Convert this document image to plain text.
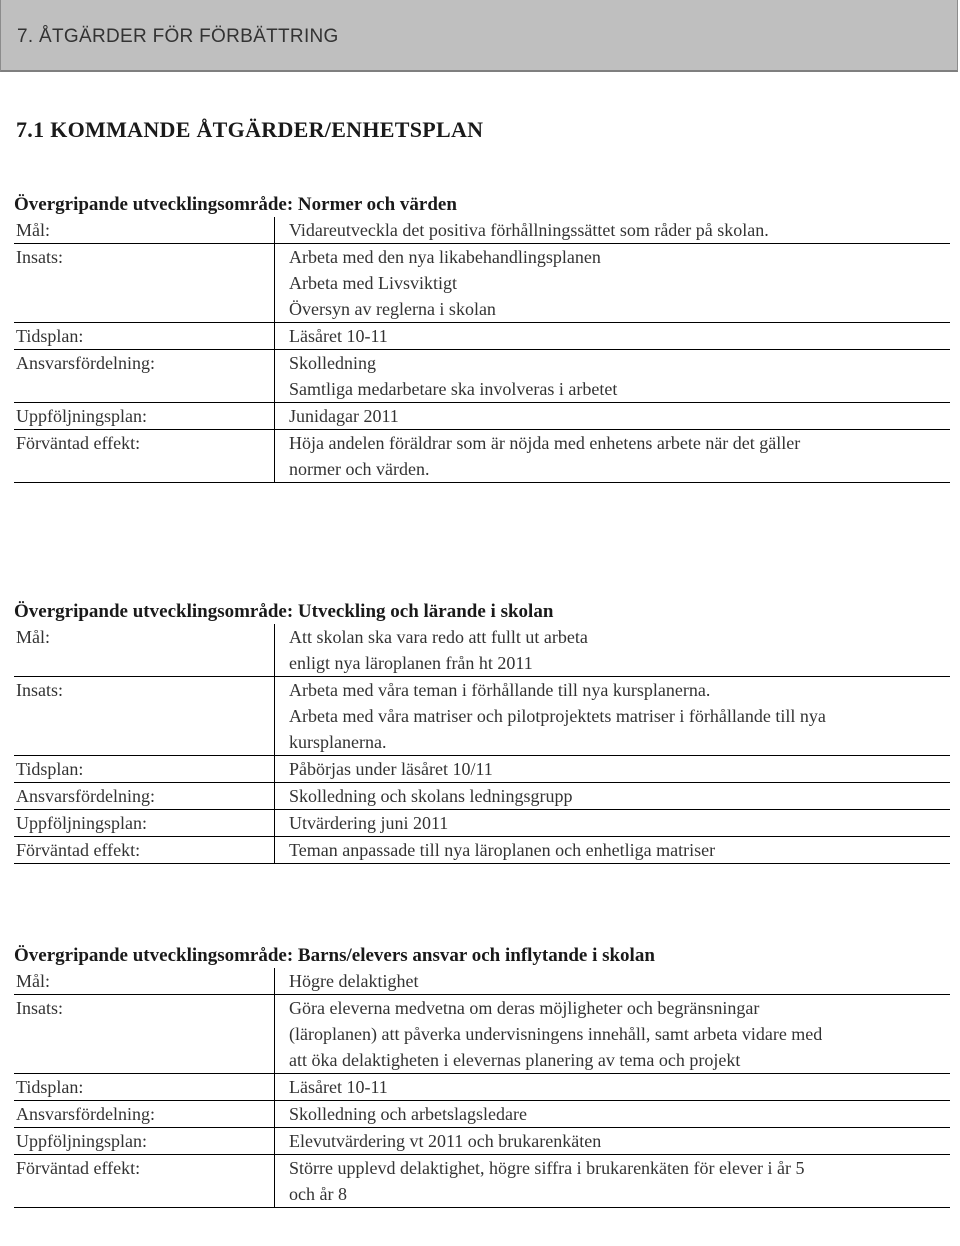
7. ÅTGÄRDER FÖR FÖRBÄTTRING
7.1 KOMMANDE ÅTGÄRDER/ENHETSPLAN
Övergripande utvecklingsområde: Normer och värden
Mål:	Vidareutveckla det positiva förhållningssättet som råder på skolan.

Insats:	Arbeta med den nya likabehandlingsplanen
Arbeta med Livsviktigt
Översyn av reglerna i skolan

Tidsplan:	Läsåret 10-11

Ansvarsfördelning:	Skolledning
Samtliga medarbetare ska involveras i arbetet

Uppföljningsplan:	Junidagar 2011

Förväntad effekt:	Höja andelen föräldrar som är nöjda med enhetens arbete när det gäller
normer och värden.
Övergripande utvecklingsområde: Utveckling och lärande i skolan
Mål:	Att skolan ska vara redo att fullt ut arbeta
enligt nya läroplanen från ht 2011

Insats:	Arbeta med våra teman i förhållande till nya kursplanerna.
Arbeta med våra matriser och pilotprojektets matriser i förhållande till nya
kursplanerna.

Tidsplan:	Påbörjas under läsåret 10/11

Ansvarsfördelning:	Skolledning och skolans ledningsgrupp

Uppföljningsplan:	Utvärdering juni 2011

Förväntad effekt:	Teman anpassade till nya läroplanen och enhetliga matriser
Övergripande utvecklingsområde: Barns/elevers ansvar och inflytande i skolan
Mål:	Högre delaktighet

Insats:	Göra eleverna medvetna om deras möjligheter och begränsningar
(läroplanen) att påverka undervisningens innehåll, samt arbeta vidare med
att öka delaktigheten i elevernas planering av tema och projekt

Tidsplan:	Läsåret 10-11

Ansvarsfördelning:	Skolledning och arbetslagsledare

Uppföljningsplan:	Elevutvärdering vt 2011 och brukarenkäten

Förväntad effekt:	Större upplevd delaktighet, högre siffra i brukarenkäten för elever i år 5
och år 8
